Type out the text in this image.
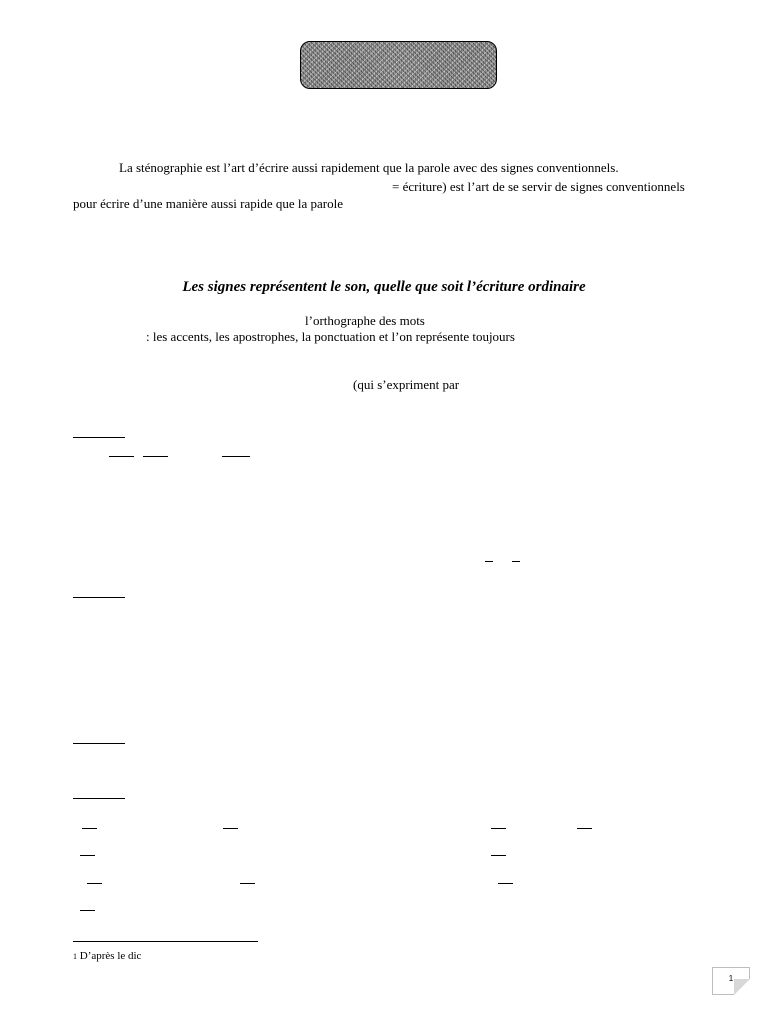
La sténographie est l’art d’écrire aussi rapidement que la parole avec des signes conventionnels.
= écriture) est l’art de se servir de signes conventionnels
pour écrire d’une manière aussi rapide que la parole
Les signes représentent le son, quelle que soit l’écriture ordinaire
l’orthographe des mots
: les accents, les apostrophes, la ponctuation et l’on représente toujours
(qui s’expriment par
$^1$ D’après le dic
1
